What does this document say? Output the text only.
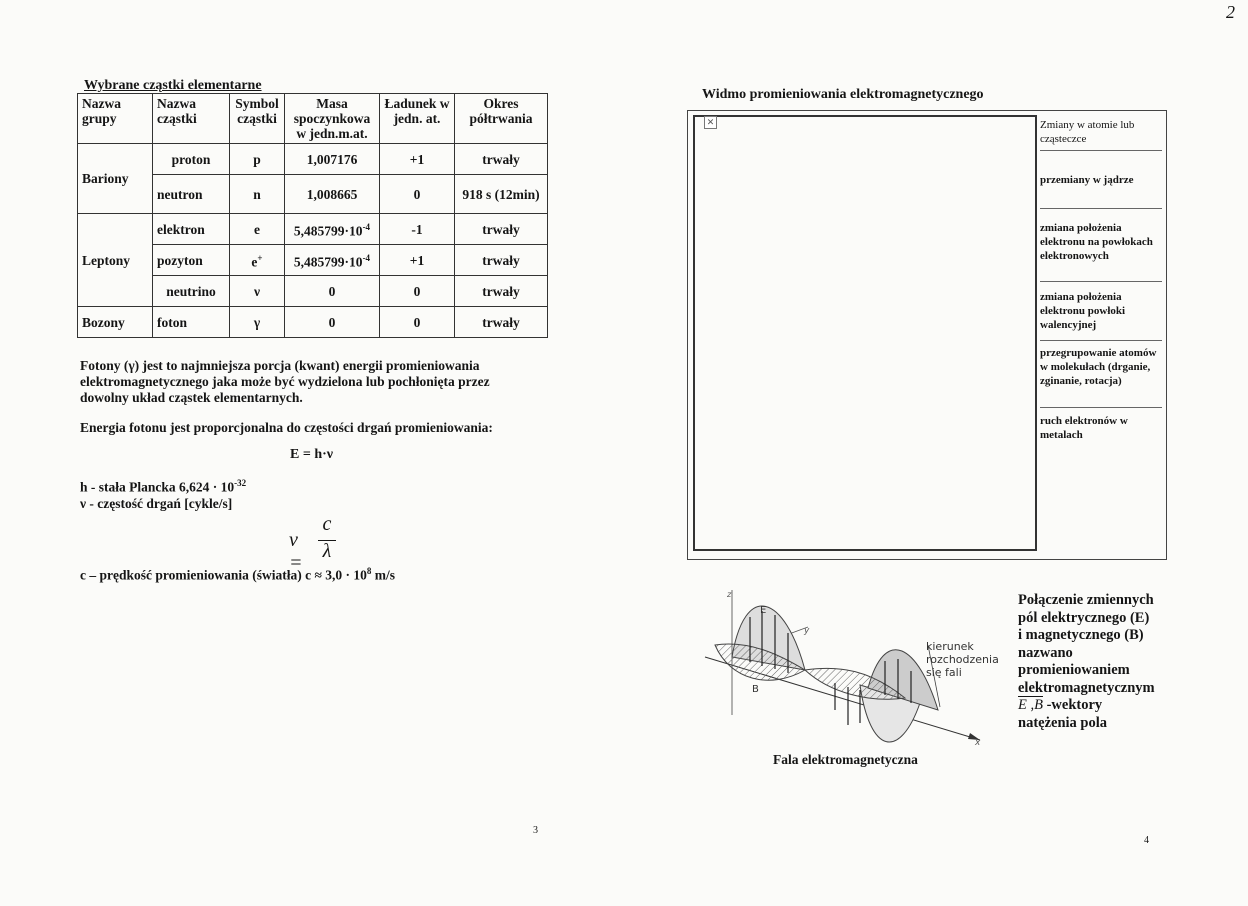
2
Wybrane cząstki elementarne
Nazwa grupy	Nazwa cząstki	Symbol cząstki	Masa spoczynkowa w jedn.m.at.	Ładunek w jedn. at.	Okres półtrwania
Bariony	proton	p	1,007176	+1	trwały
	neutron	n	1,008665	0	918 s (12min)
Leptony	elektron	e	$5,485799\cdot 10^{-4}$	-1	trwały
	pozyton	e+	$5,485799\cdot 10^{-4}$	+1	trwały
	neutrino	ν	0	0	trwały
Bozony	foton	γ	0	0	trwały
Fotony (γ) jest to najmniejsza porcja (kwant) energii promieniowania elektromagnetycznego jaka może być wydzielona lub pochłonięta przez dowolny układ cząstek elementarnych.
Energia fotonu jest proporcjonalna do częstości drgań promieniowania:
E = h·ν
h - stała Plancka $6,624 \cdot 10^{-32}$
ν - częstość drgań [cykle/s]
ν =
c
λ
c – prędkość promieniowania (światła) $c \approx 3,0 \cdot 10^8$ m/s
3
Widmo promieniowania elektromagnetycznego
✕	Zmiany w atomie lub cząsteczce
przemiany w jądrze
zmiana położenia elektronu na powłokach elektronowych
zmiana położenia elektronu powłoki walencyjnej
przegrupowanie atomów w molekułach (drganie, zginanie, rotacja)
ruch elektronów w metalach
E
B
y
x
z
kierunek
rozchodzenia
się fali
Fala elektromagnetyczna
Połączenie zmiennych
pól elektrycznego (E)
i magnetycznego (B)
nazwano
promieniowaniem
elektromagnetycznym
E ,B -wektory
natężenia pola
4
